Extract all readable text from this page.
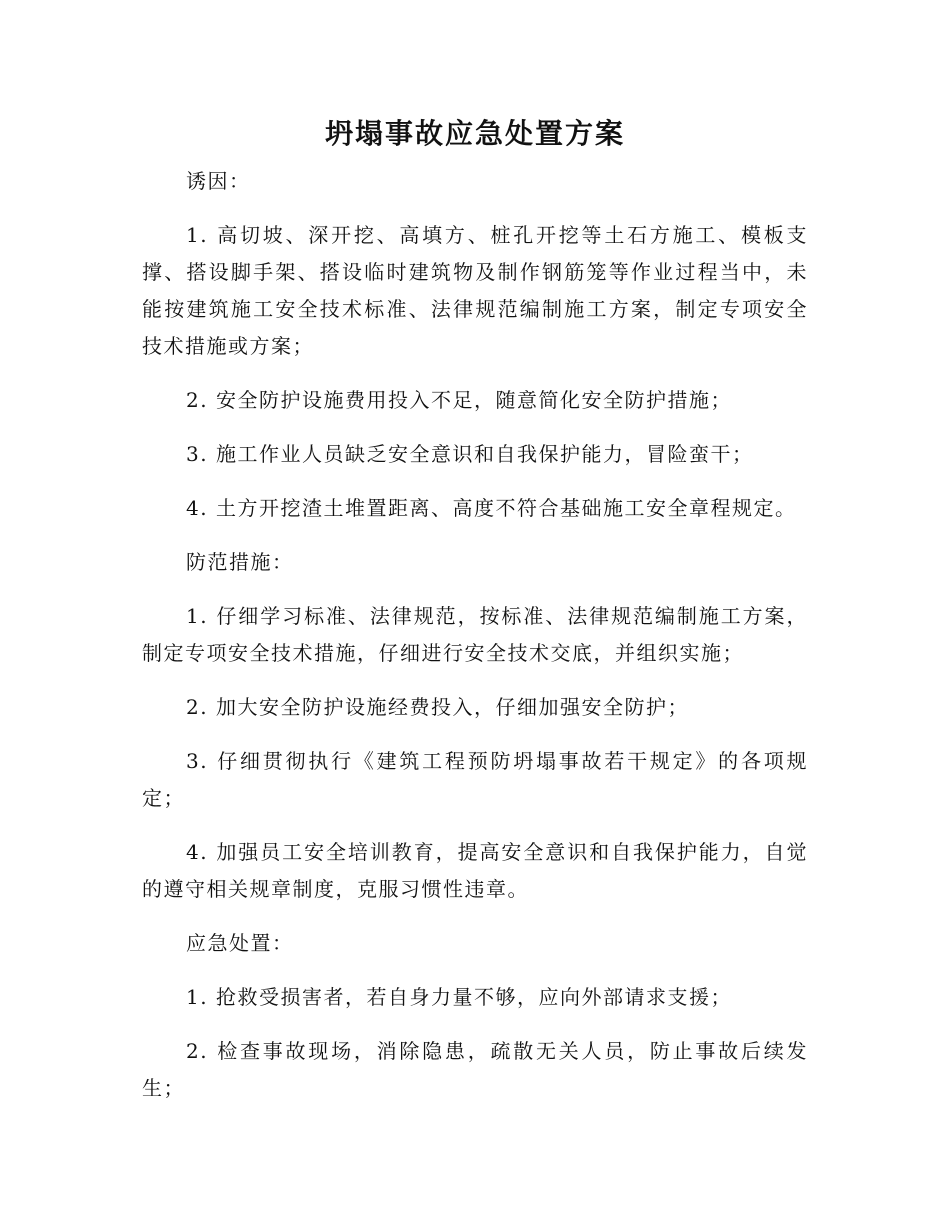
坍塌事故应急处置方案

诱因：

1. 高切坡、深开挖、高填方、桩孔开挖等土石方施工、模板支撑、搭设脚手架、搭设临时建筑物及制作钢筋笼等作业过程当中，未能按建筑施工安全技术标准、法律规范编制施工方案，制定专项安全技术措施或方案；

2. 安全防护设施费用投入不足，随意简化安全防护措施；

3. 施工作业人员缺乏安全意识和自我保护能力，冒险蛮干；

4. 土方开挖渣土堆置距离、高度不符合基础施工安全章程规定。

防范措施：

1. 仔细学习标准、法律规范，按标准、法律规范编制施工方案，制定专项安全技术措施，仔细进行安全技术交底，并组织实施；

2. 加大安全防护设施经费投入，仔细加强安全防护；

3. 仔细贯彻执行《建筑工程预防坍塌事故若干规定》的各项规定；

4. 加强员工安全培训教育，提高安全意识和自我保护能力，自觉的遵守相关规章制度，克服习惯性违章。

应急处置：

1. 抢救受损害者，若自身力量不够，应向外部请求支援；

2. 检查事故现场，消除隐患，疏散无关人员，防止事故后续发生；
